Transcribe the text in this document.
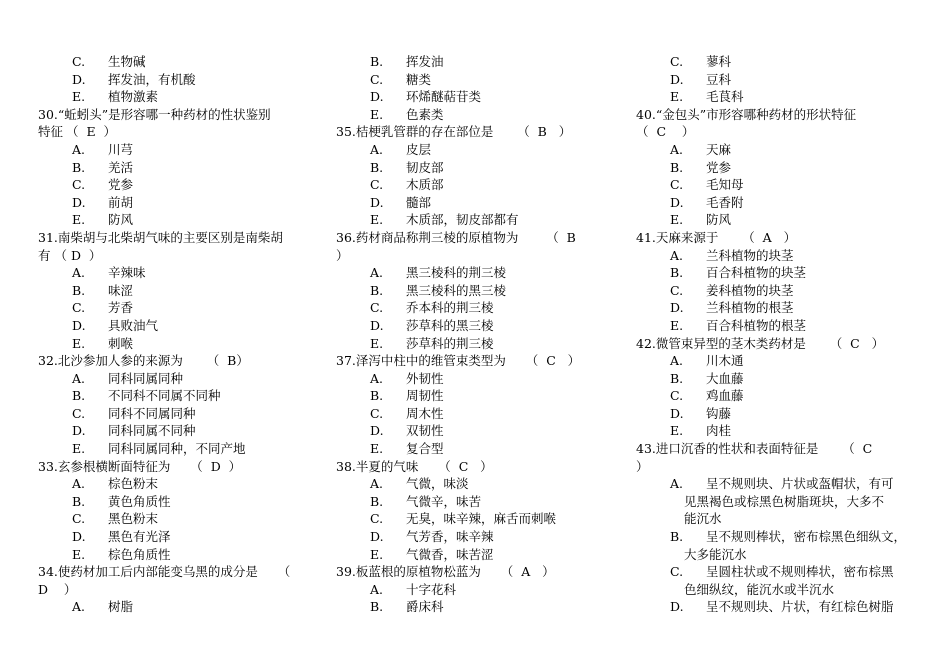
C.	生物碱
D.	挥发油，有机酸
E.	植物激素
30.“蚯蚓头”是形容哪一种药材的性状鉴别
特征	（  E  ）
A.	川芎
B.	羌活
C.	党参
D.	前胡
E.	防风
31.南柴胡与北柴胡气味的主要区别是南柴胡
有 （ D  ）
A.	辛辣味
B.	味涩
C.	芳香
D.	具败油气
E.	刺喉
32.北沙参加人参的来源为      （  B）
A.	同科同属同种
B.	不同科不同属不同种
C.	同科不同属同种
D.	同科同属不同种
E.	同科同属同种，不同产地
33.玄参根横断面特征为     （  D  ）
A.	棕色粉末
B.	黄色角质性
C.	黑色粉末
D.	黑色有光泽
E.	棕色角质性
34.使药材加工后内部能变乌黑的成分是     （
D    ）
A.	树脂
B.	挥发油
C.	糖类
D.	环烯醚萜苷类
E.	色素类
35.桔梗乳管群的存在部位是      （  B   ）
A.	皮层
B.	韧皮部
C.	木质部
D.	髓部
E.	木质部，韧皮部都有
36.药材商品称荆三棱的原植物为       （  B
）
A.	黑三棱科的荆三棱
B.	黑三棱科的黑三棱
C.	乔本科的荆三棱
D.	莎草科的黑三棱
E.	莎草科的荆三棱
37.泽泻中柱中的维管束类型为     （  C   ）
A.	外韧性
B.	周韧性
C.	周木性
D.	双韧性
E.	复合型
38.半夏的气味     （  C   ）
A.	气微，味淡
B.	气微辛，味苦
C.	无臭，味辛辣，麻舌而刺喉
D.	气芳香，味辛辣
E.	气微香，味苦涩
39.板蓝根的原植物松蓝为     （  A   ）
A.	十字花科
B.	爵床科
C.	蓼科
D.	豆科
E.	毛茛科
40.“金包头”市形容哪种药材的形状特征
（  C    ）
A.	天麻
B.	党参
C.	毛知母
D.	毛香附
E.	防风
41.天麻来源于      （  A   ）
A.	兰科植物的块茎
B.	百合科植物的块茎
C.	姜科植物的块茎
D.	兰科植物的根茎
E.	百合科植物的根茎
42.微管束异型的茎木类药材是      （  C   ）
A.	川木通
B.	大血藤
C.	鸡血藤
D.	钩藤
E.	肉桂
43.进口沉香的性状和表面特征是      （  C
）
A.	呈不规则块、片状或盔帽状，有可
见黑褐色或棕黑色树脂斑块，大多不
能沉水
B.	呈不规则棒状，密布棕黑色细纵文，
大多能沉水
C.	呈圆柱状或不规则棒状，密布棕黑
色细纵纹，能沉水或半沉水
D.	呈不规则块、片状，有红棕色树脂
